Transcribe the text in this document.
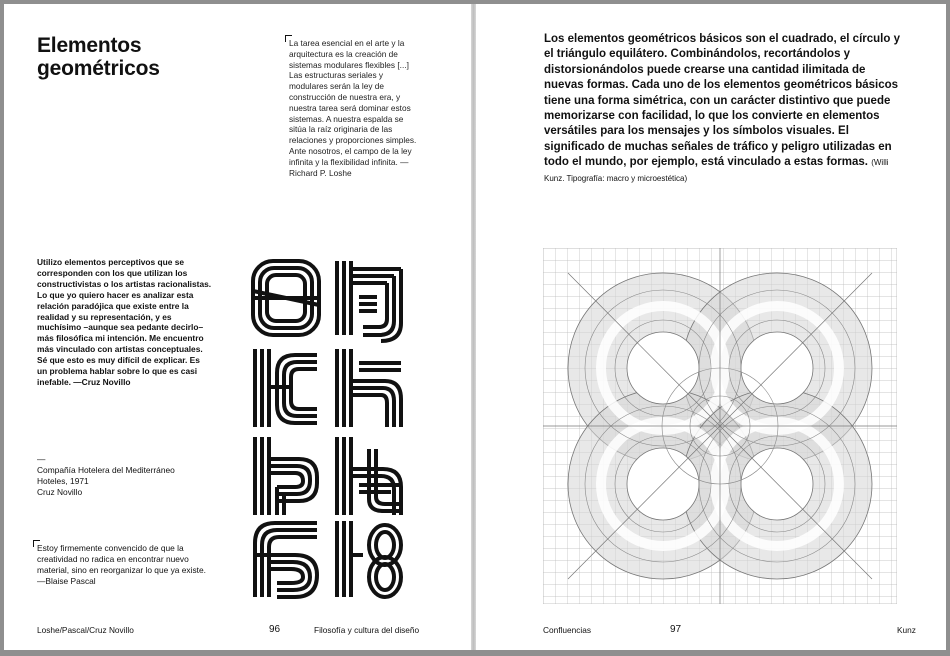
Elementos
geométricos
La tarea esencial en el arte y la arquitectura es la creación de sistemas modulares flexibles [...] Las estructuras seriales y modulares serán la ley de construcción de nuestra era, y nuestra tarea será dominar estos sistemas. A nuestra espalda se sitúa la raíz originaria de las relaciones y proporciones simples. Ante nosotros, el campo de la ley infinita y la flexibilidad infinita. —Richard P. Loshe
Utilizo elementos perceptivos que se corresponden con los que utilizan los constructivistas o los artistas racionalistas. Lo que yo quiero hacer es analizar esta relación paradójica que existe entre la realidad y su representación, y es muchísimo –aunque sea pedante decirlo– más filosófica mi intención. Me encuentro más vinculado con artistas conceptuales. Sé que esto es muy difícil de explicar. Es un problema hablar sobre lo que es casi inefable. —Cruz Novillo
—
Compañía Hotelera del Mediterráneo
Hoteles, 1971
Cruz Novillo

Estoy firmemente convencido de que la creatividad no radica en encontrar nuevo material, sino en reorganizar lo que ya existe. —Blaise Pascal
Loshe/Pascal/Cruz Novillo	96	Filosofía y cultura del diseño
Los elementos geométricos básicos son el cuadrado, el círculo y el triángulo equilátero. Combinándolos, recortándolos y distorsionándolos puede crearse una cantidad ilimitada de nuevas formas. Cada uno de los elementos geométricos básicos tiene una forma simétrica, con un carácter distintivo que puede memorizarse con facilidad, lo que los convierte en elementos versátiles para los mensajes y los símbolos visuales. El significado de muchas señales de tráfico y peligro utilizadas en todo el mundo, por ejemplo, está vinculado a estas formas. (Willi Kunz. Tipografía: macro y microestética)
Confluencias	97	Kunz
